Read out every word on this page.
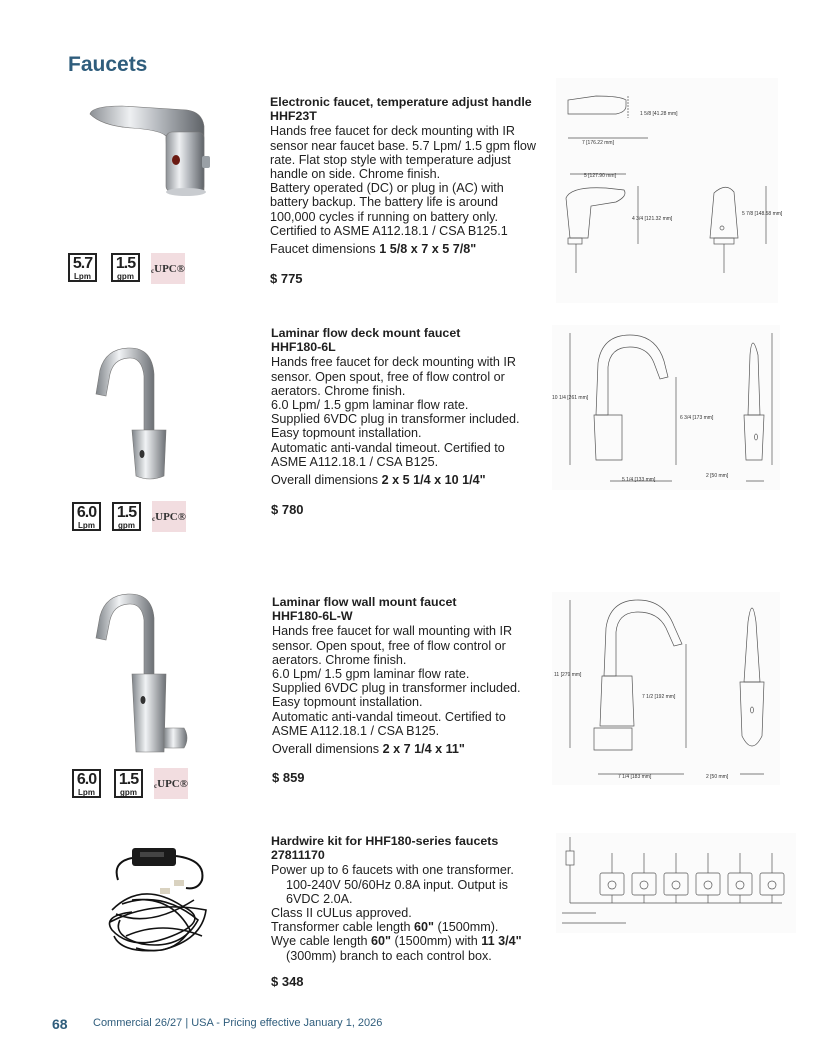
Faucets
5.7
Lpm
1.5
gpm
c UPC®
Electronic faucet, temperature adjust handle
HHF23T
Hands free faucet for deck mounting with IR
sensor near faucet base. 5.7 Lpm/ 1.5 gpm flow
rate. Flat stop style with temperature adjust
handle on side. Chrome finish.
Battery operated (DC) or plug in (AC) with
battery backup. The battery life is around
100,000 cycles if running on battery only.
Certified to ASME A112.18.1 / CSA B125.1
Faucet dimensions 1 5/8 x 7 x 5 7/8"
$ 775
1 5/8 [41.28 mm]
7 [176.22 mm]
5 [127.90 mm]
4 3/4 [121.32 mm]
5 7/8 [148.58 mm]
6.0
Lpm
1.5
gpm
c UPC®
Laminar flow deck mount faucet
HHF180-6L
Hands free faucet for deck mounting with IR
sensor. Open spout, free of flow control or
aerators. Chrome finish.
6.0 Lpm/ 1.5 gpm laminar flow rate.
Supplied 6VDC plug in transformer included.
Easy topmount installation.
Automatic anti-vandal timeout. Certified to
ASME A112.18.1 / CSA B125.
Overall dimensions 2 x 5 1/4 x 10 1/4"
$ 780
10 1/4 [261 mm]
6 3/4 [173 mm]
5 1/4 [133 mm]
2 [50 mm]
6.0
Lpm
1.5
gpm
c UPC®
Laminar flow wall mount faucet
HHF180-6L-W
Hands free faucet for wall mounting with IR
sensor. Open spout, free of flow control or
aerators. Chrome finish.
6.0 Lpm/ 1.5 gpm laminar flow rate.
Supplied 6VDC plug in transformer included.
Easy topmount installation.
Automatic anti-vandal timeout. Certified to
ASME A112.18.1 / CSA B125.
Overall dimensions 2 x 7 1/4 x 11"
$ 859
11 [279 mm]
7 1/2 [192 mm]
7 1/4 [183 mm]	2 [50 mm]
Hardwire kit for HHF180-series faucets
27811170
Power up to 6 faucets with one transformer.
100-240V 50/60Hz 0.8A input. Output is
6VDC 2.0A.
Class II cULus approved.
Transformer cable length 60" (1500mm).
Wye cable length 60" (1500mm) with 11 3/4"
(300mm) branch to each control box.
$ 348
68 Commercial 26/27 | USA - Pricing effective January 1, 2026
